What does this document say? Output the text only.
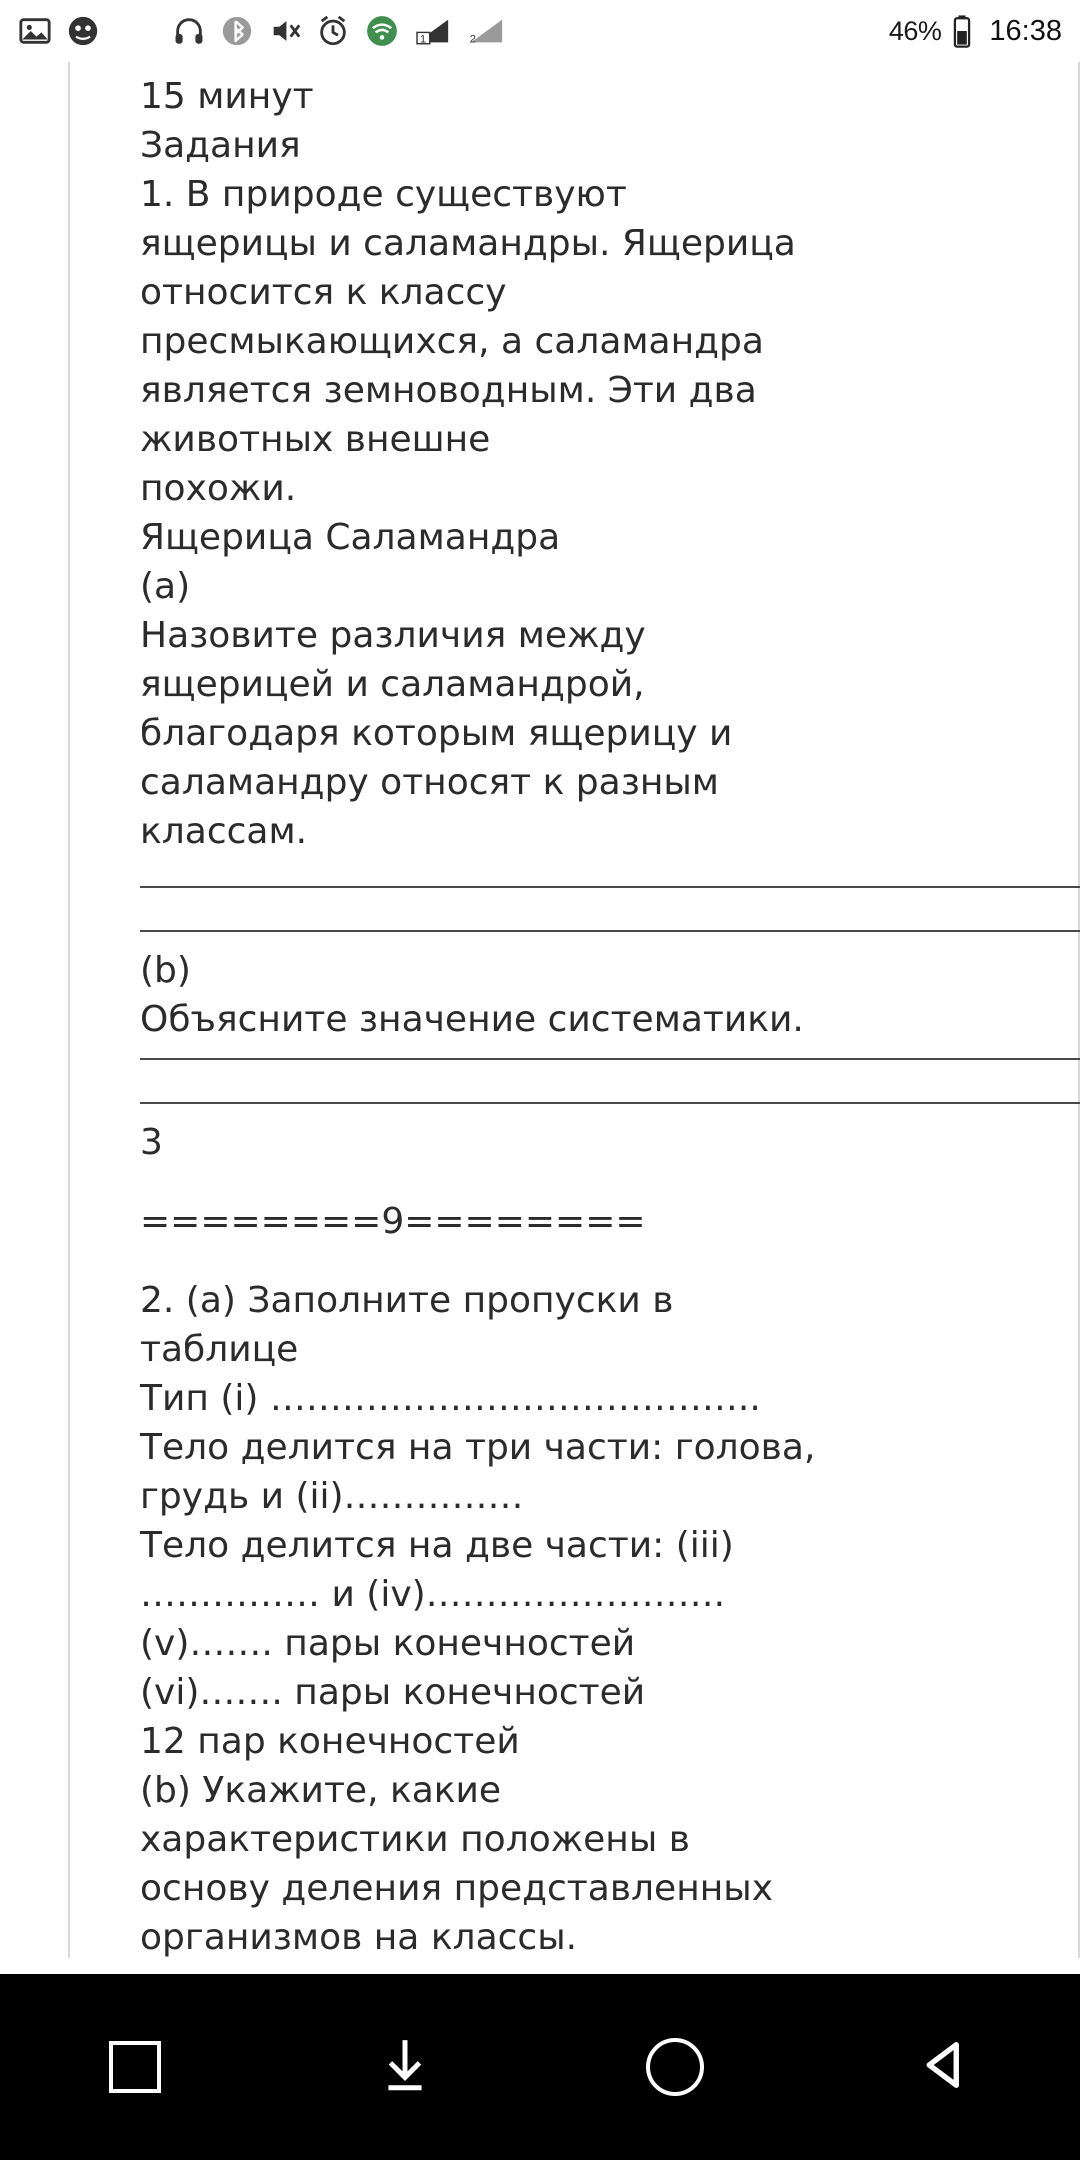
1	2	46% 16:38
15 минут
Задания
1. В природе существуют
ящерицы и саламандры. Ящерица
относится к классу
пресмыкающихся, а саламандра
является земноводным. Эти два
животных внешне
похожи.
Ящерица Саламандра
(a)
Назовите различия между
ящерицей и саламандрой,
благодаря которым ящерицу и
саламандру относят к разным
классам.
(b)
Объясните значение систематики.
3
========9========
2. (a) Заполните пропуски в
таблице
Тип (i) …………………………………..
Тело делится на три части: голова,
грудь и (ii)……………
Тело делится на две части: (iii)
…………… и (iv)…………………….
(v)……. пары конечностей
(vi)……. пары конечностей
12 пар конечностей
(b) Укажите, какие
характеристики положены в
основу деления представленных
организмов на классы.
